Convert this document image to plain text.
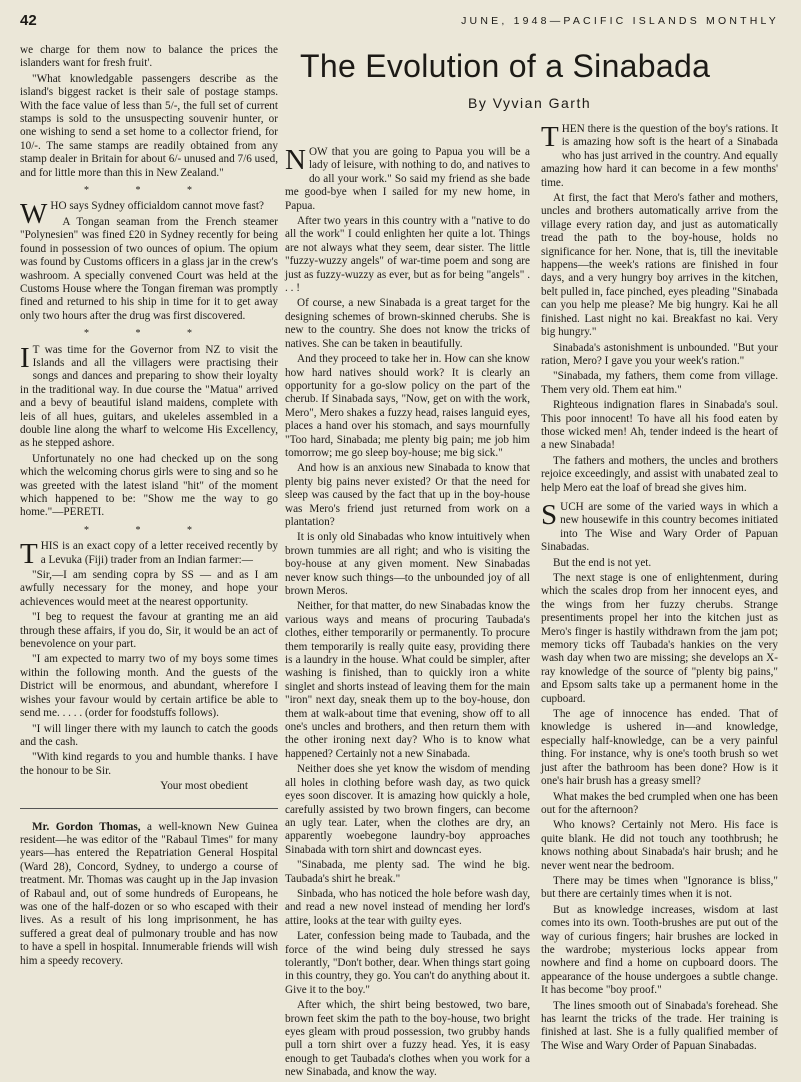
42	JUNE, 1948—PACIFIC ISLANDS MONTHLY
The Evolution of a Sinabada
By Vyvian Garth

we charge for them now to balance the prices the islanders want for fresh fruit'.

"What knowledgable passengers describe as the island's biggest racket is their sale of postage stamps. With the face value of less than 5/-, the full set of current stamps is sold to the unsuspecting souvenir hunter, or one wishing to send a set home to a collector friend, for 10/-. The same stamps are readily obtained from any stamp dealer in Britain for about 6/- unused and 7/6 used, and for little more than this in New Zealand."

* * *

WHO says Sydney officialdom cannot move fast?

A Tongan seaman from the French steamer "Polynesien" was fined £20 in Sydney recently for being found in possession of two ounces of opium. The opium was found by Customs officers in a glass jar in the crew's washroom. A specially convened Court was held at the Customs House where the Tongan fireman was promptly fined and returned to his ship in time for it to get away only two hours after the drug was first discovered.

* * *

I T was time for the Governor from NZ to visit the Islands and all the villagers were practising their songs and dances and preparing to show their loyalty in the traditional way. In due course the "Matua" arrived and a bevy of beautiful island maidens, complete with leis of all hues, guitars, and ukeleles assembled in a double line along the wharf to welcome His Excellency, as he stepped ashore.

Unfortunately no one had checked up on the song which the welcoming chorus girls were to sing and so he was greeted with the latest island "hit" of the moment which happened to be: "Show me the way to go home."—PERETI.

* * *

THIS is an exact copy of a letter received recently by a Levuka (Fiji) trader from an Indian farmer:—

"Sir,—I am sending copra by SS — and as I am awfully necessary for the money, and hope your achievences would meet at the nearest opportunity.

"I beg to request the favour at granting me an aid through these affairs, if you do, Sir, it would be an act of benevolence on your part.

"I am expected to marry two of my boys some times within the following month. And the guests of the District will be enormous, and abundant, wherefore I wishes your favour would by certain artifice be able to send me. . . . . (order for foodstuffs follows).

"I will linger there with my launch to catch the goods and the cash.

"With kind regards to you and humble thanks. I have the honour to be Sir.

Your most obedient

Mr. Gordon Thomas, a well-known New Guinea resident—he was editor of the "Rabaul Times" for many years—has entered the Repatriation General Hospital (Ward 28), Concord, Sydney, to undergo a course of treatment. Mr. Thomas was caught up in the Jap invasion of Rabaul and, out of some hundreds of Europeans, he was one of the half-dozen or so who escaped with their lives. As a result of his long imprisonment, he has suffered a great deal of pulmonary trouble and has now to have a spell in hospital. Innumerable friends will wish him a speedy recovery.

NOW that you are going to Papua you will be a lady of leisure, with nothing to do, and natives to do all your work." So said my friend as she bade me good-bye when I sailed for my new home, in Papua.

After two years in this country with a "native to do all the work" I could enlighten her quite a lot. Things are not always what they seem, dear sister. The little "fuzzy-wuzzy angels" of war-time poem and song are just as fuzzy-wuzzy as ever, but as for being "angels" . . . !

Of course, a new Sinabada is a great target for the designing schemes of brown-skinned cherubs. She is new to the country. She does not know the tricks of natives. She can be taken in beautifully.

And they proceed to take her in. How can she know how hard natives should work? It is clearly an opportunity for a go-slow policy on the part of the cherub. If Sinabada says, "Now, get on with the work, Mero", Mero shakes a fuzzy head, raises languid eyes, places a hand over his stomach, and says mournfully "Too hard, Sinabada; me plenty big pain; me job him tomorrow; me go sleep boy-house; me big sick."

And how is an anxious new Sinabada to know that plenty big pains never existed? Or that the need for sleep was caused by the fact that up in the boy-house was Mero's friend just returned from work on a plantation?

It is only old Sinabadas who know intuitively when brown tummies are all right; and who is visiting the boy-house at any given moment. New Sinabadas never know such things—to the unbounded joy of all brown Meros.

Neither, for that matter, do new Sinabadas know the various ways and means of procuring Taubada's clothes, either temporarily or permanently. To procure them temporarily is really quite easy, providing there is a laundry in the house. What could be simpler, after washing is finished, than to quickly iron a white singlet and shorts instead of leaving them for the main "iron" next day, sneak them up to the boy-house, don them at walk-about time that evening, show off to all one's uncles and brothers, and then return them with the other ironing next day? Who is to know what happened? Certainly not a new Sinabada.

Neither does she yet know the wisdom of mending all holes in clothing before wash day, as two quick eyes soon discover. It is amazing how quickly a hole, carefully assisted by two brown fingers, can become an ugly tear. Later, when the clothes are dry, an apparently woebegone laundry-boy approaches Sinabada with torn shirt and downcast eyes.

"Sinabada, me plenty sad. The wind he big. Taubada's shirt he break."

Sinbada, who has noticed the hole before wash day, and read a new novel instead of mending her lord's attire, looks at the tear with guilty eyes.

Later, confession being made to Taubada, and the force of the wind being duly stressed he says tolerantly, "Don't bother, dear. When things start going in this country, they go. You can't do anything about it. Give it to the boy."

After which, the shirt being bestowed, two bare, brown feet skim the path to the boy-house, two bright eyes gleam with proud possession, two grubby hands pull a torn shirt over a fuzzy head. Yes, it is easy enough to get Taubada's clothes when you work for a new Sinabada, and know the way.

THEN there is the question of the boy's rations. It is amazing how soft is the heart of a Sinabada who has just arrived in the country. And equally amazing how hard it can become in a few months' time.

At first, the fact that Mero's father and mothers, uncles and brothers automatically arrive from the village every ration day, and just as automatically tread the path to the boy-house, holds no significance for her. None, that is, till the inevitable happens—the week's rations are finished in four days, and a very hungry boy arrives in the kitchen, belt pulled in, face pinched, eyes pleading "Sinabada can you help me please? Me big hungry. Kai he all finished. Last night no kai. Breakfast no kai. Very big hungry."

Sinabada's astonishment is unbounded. "But your ration, Mero? I gave you your week's ration."

"Sinabada, my fathers, them come from village. Them very old. Them eat him."

Righteous indignation flares in Sinabada's soul. This poor innocent! To have all his food eaten by those wicked men! Ah, tender indeed is the heart of a new Sinabada!

The fathers and mothers, the uncles and brothers rejoice exceedingly, and assist with unabated zeal to help Mero eat the loaf of bread she gives him.

SUCH are some of the varied ways in which a new housewife in this country becomes initiated into The Wise and Wary Order of Papuan Sinabadas.

But the end is not yet.

The next stage is one of enlightenment, during which the scales drop from her innocent eyes, and the wings from her fuzzy cherubs. Strange presentiments propel her into the kitchen just as Mero's finger is hastily withdrawn from the jam pot; memory ticks off Taubada's hankies on the very wash day when two are missing; she develops an X-ray knowledge of the source of "plenty big pains," and Epsom salts take up a permanent home in the cupboard.

The age of innocence has ended. That of knowledge is ushered in—and knowledge, especially half-knowledge, can be a very painful thing. For instance, why is one's tooth brush so wet just after the bathroom has been done? How is it one's hair brush has a greasy smell?

What makes the bed crumpled when one has been out for the afternoon?

Who knows? Certainly not Mero. His face is quite blank. He did not touch any toothbrush; he knows nothing about Sinabada's hair brush; and he never went near the bedroom.

There may be times when "Ignorance is bliss," but there are certainly times when it is not.

But as knowledge increases, wisdom at last comes into its own. Tooth-brushes are put out of the way of curious fingers; hair brushes are locked in the wardrobe; mysterious locks appear from nowhere and find a home on cupboard doors. The appearance of the house undergoes a subtle change. It has become "boy proof."

The lines smooth out of Sinabada's forehead. She has learnt the tricks of the trade. Her training is finished at last. She is a fully qualified member of The Wise and Wary Order of Papuan Sinabadas.
